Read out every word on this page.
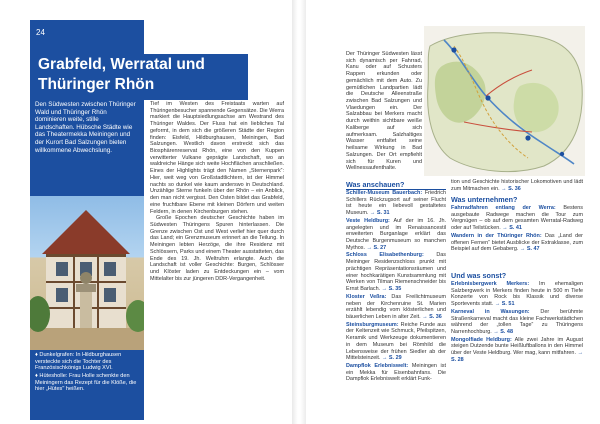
24
Grabfeld, Werratal und
Thüringer Rhön
Den Südwesten zwischen Thüringer Wald und Thüringer Rhön dominieren weite, stille Landschaften. Hübsche Städte wie das Theatermekka Meiningen und der Kurort Bad Salzungen bieten willkommene Abwechslung.
♦ Dunkelgrafen: In Hildburghausen versteckte sich die Tochter des Französischkönigs Ludwig XVI.
♦ Hütesholle: Frau Holle schenkte den Meiningern das Rezept für die Klöße, die hier „Hütes" heißen.

Tief im Westen des Freistaats warten auf Thüringenbesucher spannende Gegensätze. Die Werra markiert die Hauptsiedlungsachse am Westrand des Thüringer Waldes. Der Fluss hat ein liebliches Tal geformt, in dem sich die größeren Städte der Region finden: Eisfeld, Hildburghausen, Meiningen, Bad Salzungen. Westlich davon erstreckt sich das Biosphärenreservat Rhön, eine von den Kuppen verwitterter Vulkane geprägte Landschaft, wo an waldreiche Hänge sich weite Hochflächen anschließen. Eines der Highlights trägt den Namen „Sternenpark“: Hier, weit weg von Großstadtlichtern, ist der Himmel nachts so dunkel wie kaum anderswo in Deutschland. Unzählige Sterne funkeln über der Rhön – ein Anblick, den man nicht vergisst. Den Osten bildet das Grabfeld, eine fruchtbare Ebene mit kleinen Dörfern und weiten Feldern, in denen Kirchenburgen stehen.

Große Epochen deutscher Geschichte haben im Südwesten Thüringens Spuren hinterlassen. Die Grenze zwischen Ost und West verlief hier quer durch das Land; ein Grenzmuseum erinnert an die Teilung. In Meiningen lebten Herzöge, die ihre Residenz mit Schlössern, Parks und einem Theater ausstatteten, das Ende des 19. Jh. Weltruhm erlangte. Auch die Landschaft ist voller Geschichte: Burgen, Schlösser und Klöster laden zu Entdeckungen ein – vom Mittelalter bis zur jüngeren DDR-Vergangenheit.

Der Thüringer Südwesten lässt sich dynamisch per Fahrrad, Kanu oder auf Schusters Rappen erkunden oder gemächlich mit dem Auto. Zu gemütlichen Landpartien lädt die Deutsche Alleenstraße zwischen Bad Salzungen und Vlaedungen ein. Der Salzabbau bei Merkers macht durch weithin sichtbare weiße Kaliberge auf sich aufmerksam. Salzhaltiges Wasser entfaltet seine heilsame Wirkung in Bad Salzungen. Der Ort empfiehlt sich für Kuren und Wellnessaufenthalte.
Was anschauen?

Schiller-Museum Bauerbach: Friedrich Schillers Rückzugsort auf seiner Flucht ist heute ein liebevoll gestaltetes Museum. → S. 31

Veste Heldburg: Auf der im 16. Jh. angelegten und im Renaissancestil erweiterten Burganlage erklärt das Deutsche Burgenmuseum so manchen Mythos. → S. 27

Schloss Elisabethenburg: Das Meininger Residenzschloss prunkt mit prächtigen Repräsentationsräumen und einer hochkarätigen Kunstsammlung mit Werken von Tilman Riemenschneider bis Ernst Barlach. → S. 35

Kloster Veßra: Das Freilichtmuseum neben der Kirchenruine St. Marien erzählt lebendig vom klösterlichen und bäuerlichen Leben in alter Zeit. → S. 36

Steinsburgmuseum: Reiche Funde aus der Keltenzeit wie Schmuck, Pfeilspitzen, Keramik und Werkzeuge dokumentieren in dem Museum bei Römhild die Lebensweise der frühen Siedler ab der Mittelsteinzeit. → S. 29

Dampflok Erlebniswelt: Meiningen ist ein Mekka für Eisenbahnfans. Die Dampflok Erlebniswelt erklärt Funk-

tion und Geschichte historischer Lokomotiven und lädt zum Mitmachen ein. → S. 36
Was unternehmen?

Fahrradfahren entlang der Werra: Bestens ausgebaute Radwege machen die Tour zum Vergnügen – ob auf dem gesamten Werratal-Radweg oder auf Teilstücken. → S. 41

Wandern in der Thüringer Rhön: Das „Land der offenen Fernen“ bietet Ausblicke der Extraklasse, zum Beispiel auf dem Gebaberg. → S. 47

Und was sonst?

Erlebnisbergwerk Merkers: Im ehemaligen Salzbergwerk in Merkers finden heute in 500 m Tiefe Konzerte von Rock bis Klassik und diverse Sportevents statt. → S. 51

Karneval in Wasungen: Der berühmte Straßenkarneval macht das kleine Fachwerkstädtchen während der „tollen Tage“ zu Thüringens Narrenhochburg. → S. 48

Mongolfiade Heldburg: Alle zwei Jahre im August steigen Dutzende bunte Heißluftballons in den Himmel über der Veste Heldburg. Wer mag, kann mitfahren. → S. 28
